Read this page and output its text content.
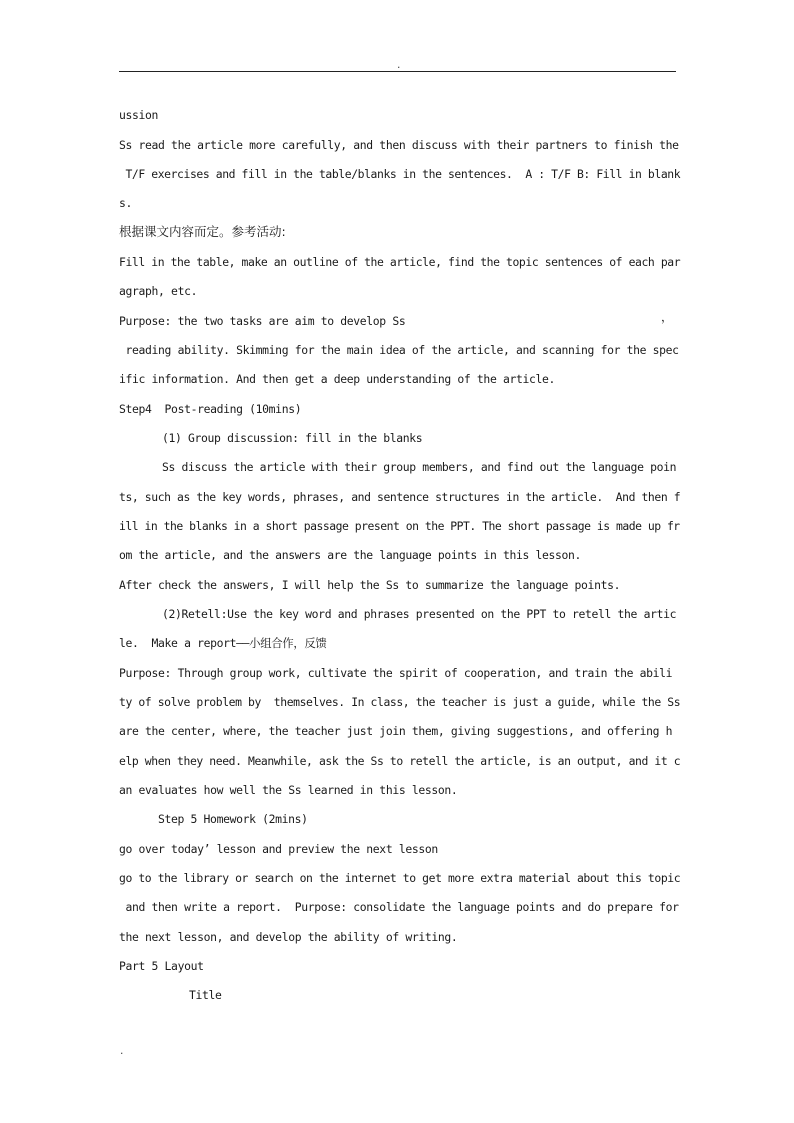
.
ussion
Ss read the article more carefully, and then discuss with their partners to finish the
T/F exercises and fill in the table/blanks in the sentences.  A : T/F B: Fill in blank
s.
根据课文内容而定。参考活动:
Fill in the table, make an outline of the article, find the topic sentences of each par
agraph, etc.
Purpose: the two tasks are aim to develop Ss	，
reading ability. Skimming for the main idea of the article, and scanning for the spec
ific information. And then get a deep understanding of the article.
Step4  Post-reading (10mins)
(1) Group discussion: fill in the blanks
Ss discuss the article with their group members, and find out the language poin
ts, such as the key words, phrases, and sentence structures in the article.  And then f
ill in the blanks in a short passage present on the PPT. The short passage is made up fr
om the article, and the answers are the language points in this lesson.
After check the answers, I will help the Ss to summarize the language points.
(2)Retell:Use the key word and phrases presented on the PPT to retell the artic
le.  Make a report——小组合作，反馈
Purpose: Through group work, cultivate the spirit of cooperation, and train the abili
ty of solve problem by  themselves. In class, the teacher is just a guide, while the Ss
are the center, where, the teacher just join them, giving suggestions, and offering h
elp when they need. Meanwhile, ask the Ss to retell the article, is an output, and it c
an evaluates how well the Ss learned in this lesson.
Step 5 Homework (2mins)
go over today’ lesson and preview the next lesson
go to the library or search on the internet to get more extra material about this topic
and then write a report.  Purpose: consolidate the language points and do prepare for
the next lesson, and develop the ability of writing.
Part 5 Layout
Title
.
